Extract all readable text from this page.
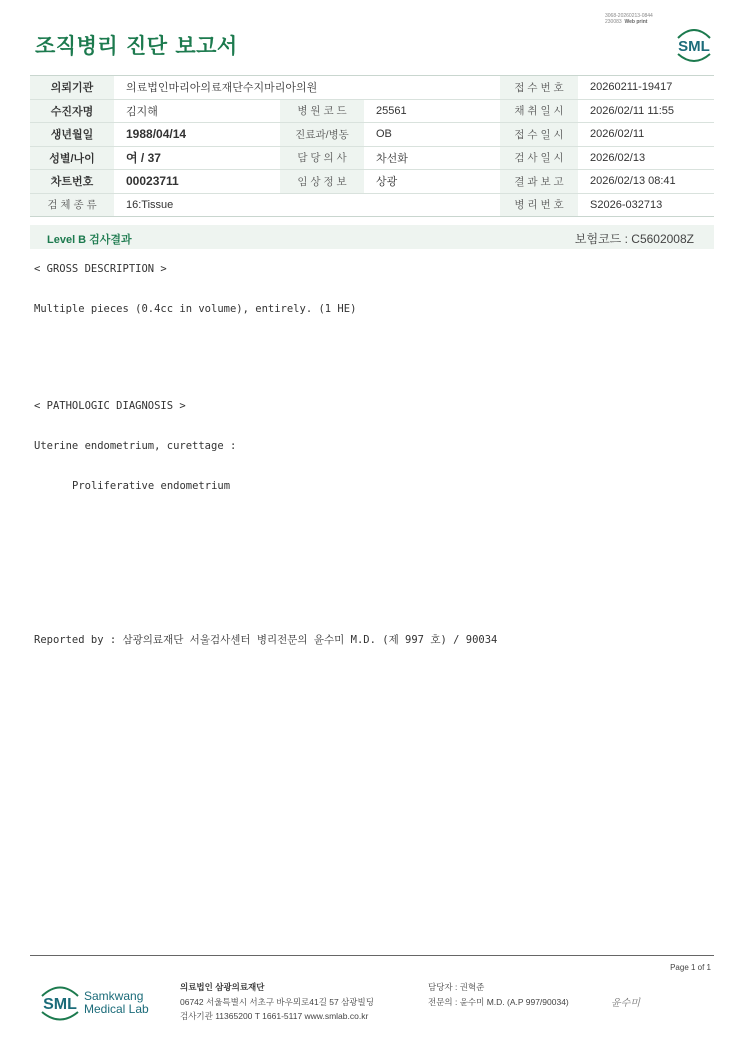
조직병리 진단 보고서
3068-20260213-0844
230083 Web print
SML
의뢰기관	의료법인마리아의료재단수지마리아의원			접 수 번 호	20260211-19417
수진자명	김지해	병 원 코 드	25561	채 취 일 시	2026/02/11 11:55
생년월일	1988/04/14	진료과/병동	OB	접 수 일 시	2026/02/11
성별/나이	여 / 37	담 당 의 사	차선화	검 사 일 시	2026/02/13
차트번호	00023711	임 상 정 보	상광	결 과 보 고	2026/02/13 08:41
검 체 종 류	16:Tissue			병 리 번 호	S2026-032713
Level B 검사결과	보험코드 : C5602008Z
< GROSS DESCRIPTION >
Multiple pieces (0.4cc in volume), entirely. (1 HE)
< PATHOLOGIC DIAGNOSIS >
Uterine endometrium, curettage :
Proliferative endometrium
Reported by : 삼광의료재단 서울검사센터 병리전문의 윤수미 M.D. (제 997 호) / 90034
Page 1 of 1
SML Samkwang
Medical Lab
의료법인 삼광의료재단
06742 서울특별시 서초구 바우뫼로41길 57 삼광빌딩
검사기관 11365200 T 1661-5117 www.smlab.co.kr
담당자 : 권혁준
전문의 : 윤수미 M.D. (A.P 997/90034)	윤수미
